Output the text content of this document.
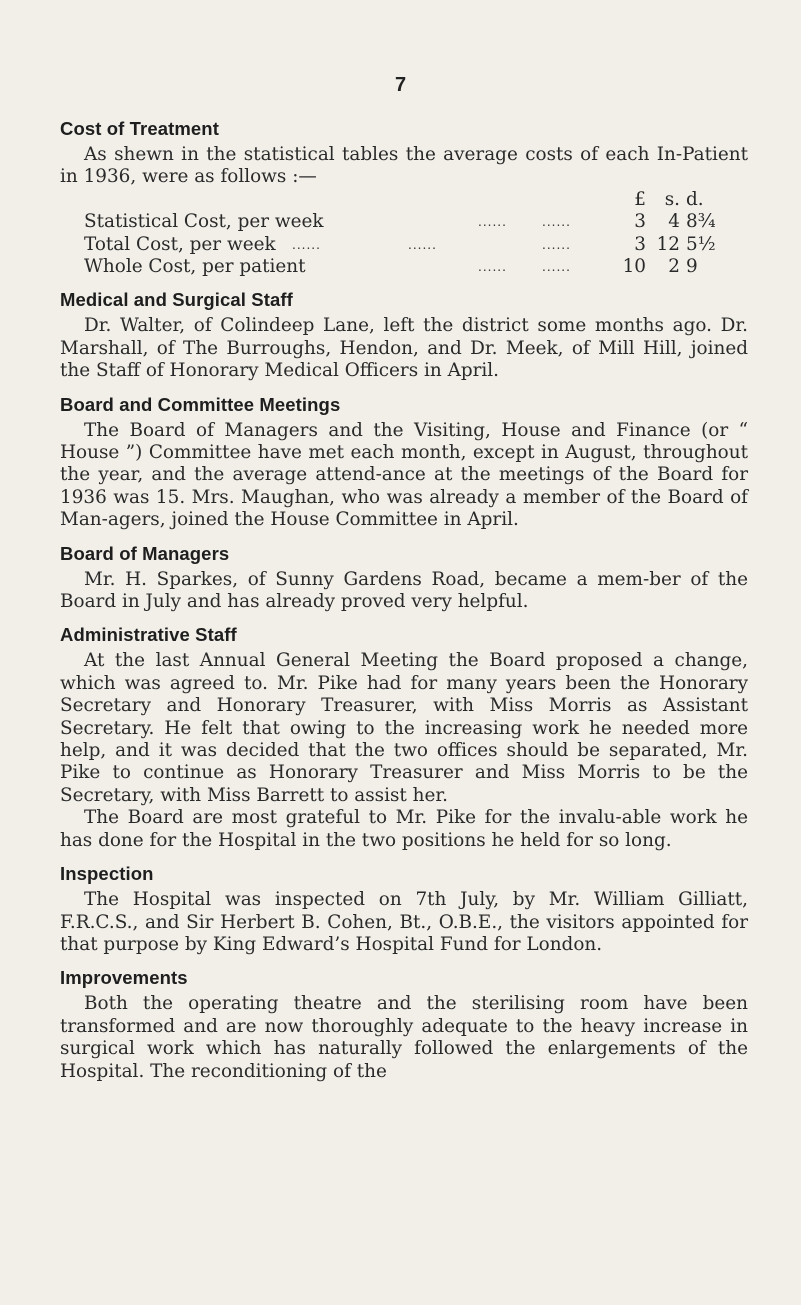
7
Cost of Treatment

As shewn in the statistical tables the average costs of each In-Patient in 1936, were as follows :—

£	s. d.
Statistical Cost, per week	......	......	3	4 8¾
Total Cost, per week ......	......	......	3 12 5½
Whole Cost, per patient	......	......	10	2 9
Medical and Surgical Staff

Dr. Walter, of Colindeep Lane, left the district some months ago. Dr. Marshall, of The Burroughs, Hendon, and Dr. Meek, of Mill Hill, joined the Staff of Honorary Medical Officers in April.

Board and Committee Meetings

The Board of Managers and the Visiting, House and Finance (or “ House ”) Committee have met each month, except in August, throughout the year, and the average attend-ance at the meetings of the Board for 1936 was 15. Mrs. Maughan, who was already a member of the Board of Man-agers, joined the House Committee in April.

Board of Managers

Mr. H. Sparkes, of Sunny Gardens Road, became a mem-ber of the Board in July and has already proved very helpful.

Administrative Staff

At the last Annual General Meeting the Board proposed a change, which was agreed to. Mr. Pike had for many years been the Honorary Secretary and Honorary Treasurer, with Miss Morris as Assistant Secretary. He felt that owing to the increasing work he needed more help, and it was decided that the two offices should be separated, Mr. Pike to continue as Honorary Treasurer and Miss Morris to be the Secretary, with Miss Barrett to assist her.

The Board are most grateful to Mr. Pike for the invalu-able work he has done for the Hospital in the two positions he held for so long.

Inspection

The Hospital was inspected on 7th July, by Mr. William Gilliatt, F.R.C.S., and Sir Herbert B. Cohen, Bt., O.B.E., the visitors appointed for that purpose by King Edward’s Hospital Fund for London.

Improvements

Both the operating theatre and the sterilising room have been transformed and are now thoroughly adequate to the heavy increase in surgical work which has naturally followed the enlargements of the Hospital. The reconditioning of the
